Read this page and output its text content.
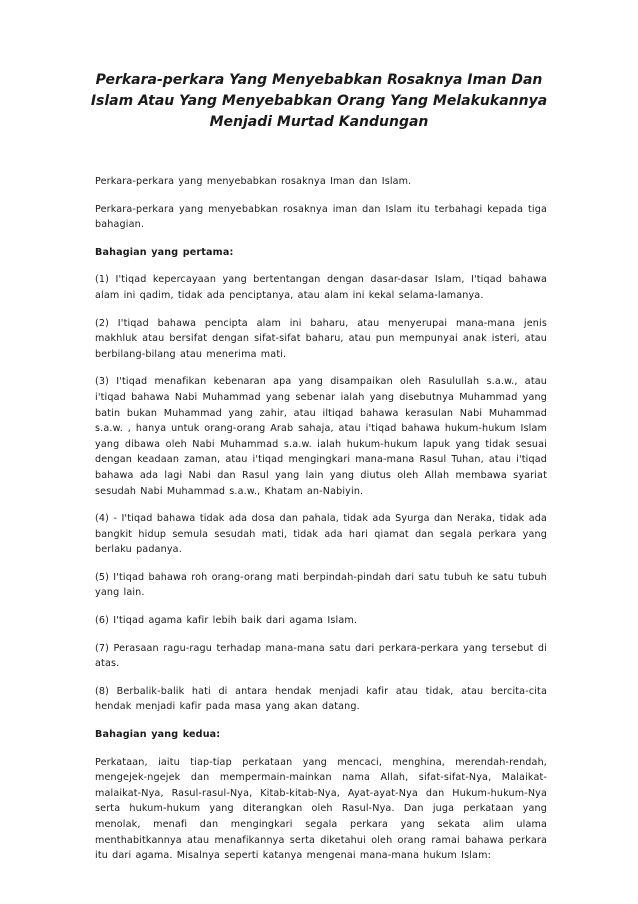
Perkara-perkara Yang Menyebabkan Rosaknya Iman Dan Islam Atau Yang Menyebabkan Orang Yang Melakukannya Menjadi Murtad Kandungan

Perkara-perkara yang menyebabkan rosaknya Iman dan Islam.

Perkara-perkara yang menyebabkan rosaknya iman dan Islam itu terbahagi kepada tiga bahagian.

Bahagian yang pertama:

(1) I'tiqad kepercayaan yang bertentangan dengan dasar-dasar Islam, I'tiqad bahawa alam ini qadim, tidak ada penciptanya, atau alam ini kekal selama-lamanya.

(2) I'tiqad bahawa pencipta alam ini baharu, atau menyerupai mana-mana jenis makhluk atau bersifat dengan sifat-sifat baharu, atau pun mempunyai anak isteri, atau berbilang-bilang atau menerima mati.

(3) I'tiqad menafikan kebenaran apa yang disampaikan oleh Rasulullah s.a.w., atau i'tiqad bahawa Nabi Muhammad yang sebenar ialah yang disebutnya Muhammad yang batin bukan Muhammad yang zahir, atau iltiqad bahawa kerasulan Nabi Muhammad s.a.w. , hanya untuk orang-orang Arab sahaja, atau i'tiqad bahawa hukum-hukum Islam yang dibawa oleh Nabi Muhammad s.a.w. ialah hukum-hukum lapuk yang tidak sesuai dengan keadaan zaman, atau i'tiqad mengingkari mana-mana Rasul Tuhan, atau i'tiqad bahawa ada lagi Nabi dan Rasul yang lain yang diutus oleh Allah membawa syariat sesudah Nabi Muhammad s.a.w., Khatam an-Nabiyin.

(4) - I'tiqad bahawa tidak ada dosa dan pahala, tidak ada Syurga dan Neraka, tidak ada bangkit hidup semula sesudah mati, tidak ada hari qiamat dan segala perkara yang berlaku padanya.

(5) I'tiqad bahawa roh orang-orang mati berpindah-pindah dari satu tubuh ke satu tubuh yang lain.

(6) I'tiqad agama kafir lebih baik dari agama Islam.

(7) Perasaan ragu-ragu terhadap mana-mana satu dari perkara-perkara yang tersebut di atas.

(8) Berbalik-balik hati di antara hendak menjadi kafir atau tidak, atau bercita-cita hendak menjadi kafir pada masa yang akan datang.

Bahagian yang kedua:

Perkataan, iaitu tiap-tiap perkataan yang mencaci, menghina, merendah-rendah, mengejek-ngejek dan mempermain-mainkan nama Allah, sifat-sifat-Nya, Malaikat-malaikat-Nya, Rasul-rasul-Nya, Kitab-kitab-Nya, Ayat-ayat-Nya dan Hukum-hukum-Nya serta hukum-hukum yang diterangkan oleh Rasul-Nya. Dan juga perkataan yang menolak, menafi dan mengingkari segala perkara yang sekata alim ulama menthabitkannya atau menafikannya serta diketahui oleh orang ramai bahawa perkara itu dari agama. Misalnya seperti katanya mengenai mana-mana hukum Islam:
